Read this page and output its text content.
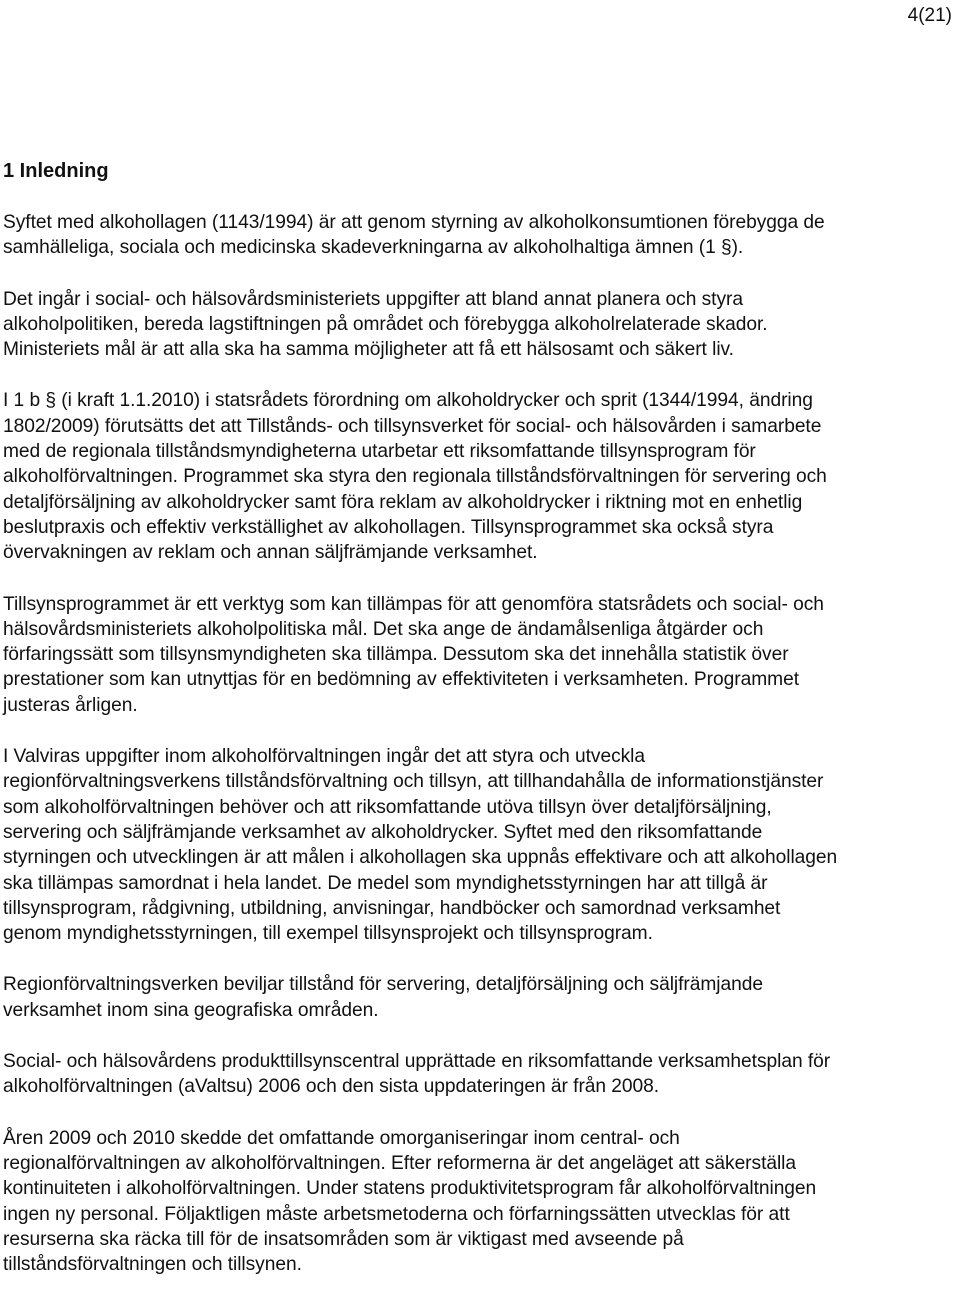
4(21)
1 Inledning

Syftet med alkohollagen (1143/1994) är att genom styrning av alkoholkonsumtionen förebygga de
samhälleliga, sociala och medicinska skadeverkningarna av alkoholhaltiga ämnen (1 §).

Det ingår i social- och hälsovårdsministeriets uppgifter att bland annat planera och styra
alkoholpolitiken, bereda lagstiftningen på området och förebygga alkoholrelaterade skador.
Ministeriets mål är att alla ska ha samma möjligheter att få ett hälsosamt och säkert liv.

I 1 b § (i kraft 1.1.2010) i statsrådets förordning om alkoholdrycker och sprit (1344/1994, ändring
1802/2009) förutsätts det att Tillstånds- och tillsynsverket för social- och hälsovården i samarbete
med de regionala tillståndsmyndigheterna utarbetar ett riksomfattande tillsynsprogram för
alkoholförvaltningen. Programmet ska styra den regionala tillståndsförvaltningen för servering och
detaljförsäljning av alkoholdrycker samt föra reklam av alkoholdrycker i riktning mot en enhetlig
beslutpraxis och effektiv verkställighet av alkohollagen. Tillsynsprogrammet ska också styra
övervakningen av reklam och annan säljfrämjande verksamhet.

Tillsynsprogrammet är ett verktyg som kan tillämpas för att genomföra statsrådets och social- och
hälsovårdsministeriets alkoholpolitiska mål. Det ska ange de ändamålsenliga åtgärder och
förfaringssätt som tillsynsmyndigheten ska tillämpa. Dessutom ska det innehålla statistik över
prestationer som kan utnyttjas för en bedömning av effektiviteten i verksamheten. Programmet
justeras årligen.

I Valviras uppgifter inom alkoholförvaltningen ingår det att styra och utveckla
regionförvaltningsverkens tillståndsförvaltning och tillsyn, att tillhandahålla de informationstjänster
som alkoholförvaltningen behöver och att riksomfattande utöva tillsyn över detaljförsäljning,
servering och säljfrämjande verksamhet av alkoholdrycker. Syftet med den riksomfattande
styrningen och utvecklingen är att målen i alkohollagen ska uppnås effektivare och att alkohollagen
ska tillämpas samordnat i hela landet. De medel som myndighetsstyrningen har att tillgå är
tillsynsprogram, rådgivning, utbildning, anvisningar, handböcker och samordnad verksamhet
genom myndighetsstyrningen, till exempel tillsynsprojekt och tillsynsprogram.

Regionförvaltningsverken beviljar tillstånd för servering, detaljförsäljning och säljfrämjande
verksamhet inom sina geografiska områden.

Social- och hälsovårdens produkttillsynscentral upprättade en riksomfattande verksamhetsplan för
alkoholförvaltningen (aValtsu) 2006 och den sista uppdateringen är från 2008.

Åren 2009 och 2010 skedde det omfattande omorganiseringar inom central- och
regionalförvaltningen av alkoholförvaltningen. Efter reformerna är det angeläget att säkerställa
kontinuiteten i alkoholförvaltningen. Under statens produktivitetsprogram får alkoholförvaltningen
ingen ny personal. Följaktligen måste arbetsmetoderna och förfarningssätten utvecklas för att
resurserna ska räcka till för de insatsområden som är viktigast med avseende på
tillståndsförvaltningen och tillsynen.
